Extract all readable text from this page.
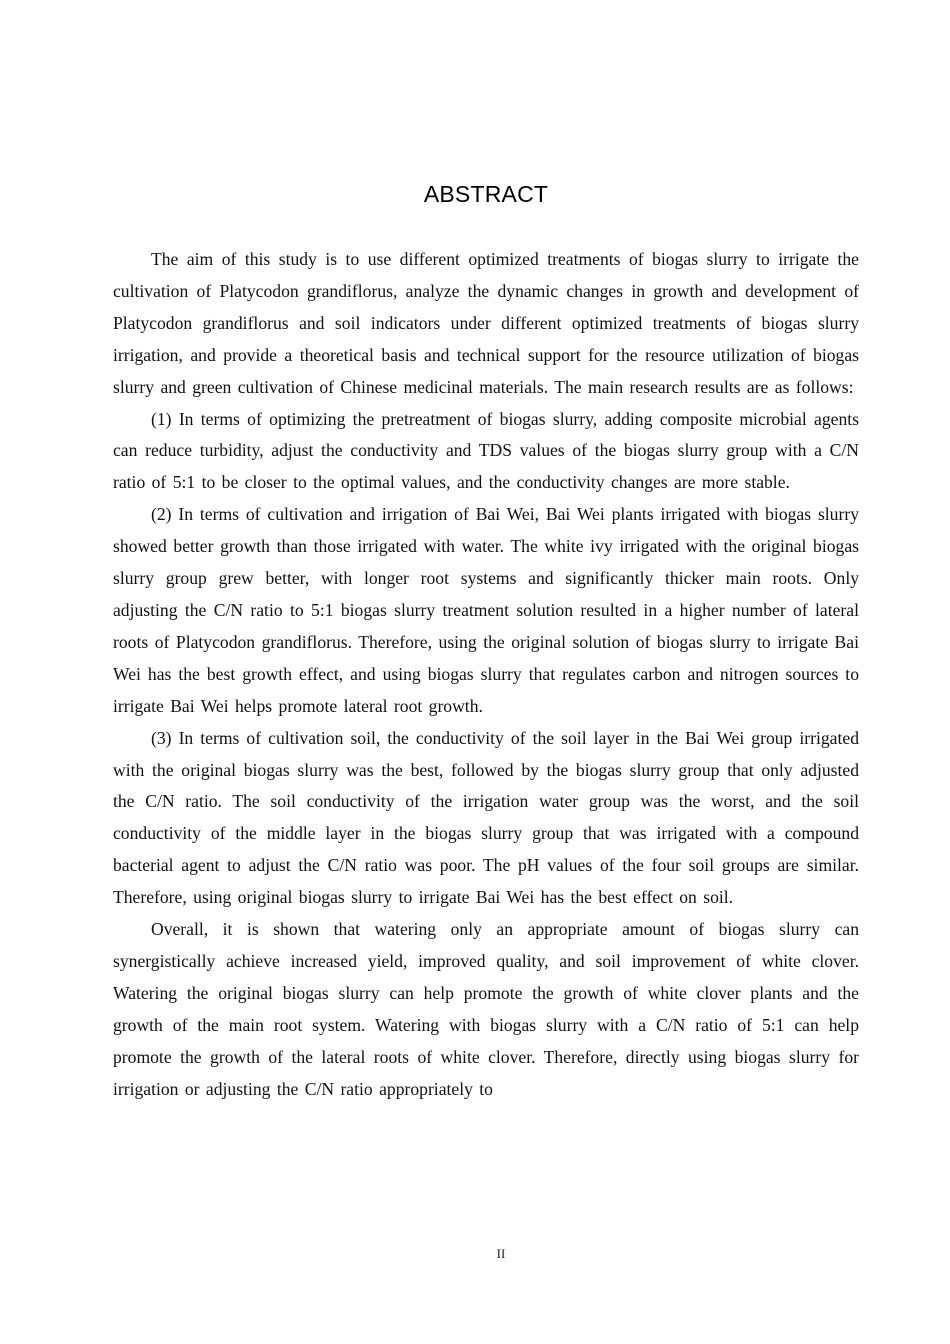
ABSTRACT

The aim of this study is to use different optimized treatments of biogas slurry to irrigate the cultivation of Platycodon grandiflorus, analyze the dynamic changes in growth and development of Platycodon grandiflorus and soil indicators under different optimized treatments of biogas slurry irrigation, and provide a theoretical basis and technical support for the resource utilization of biogas slurry and green cultivation of Chinese medicinal materials. The main research results are as follows:

(1) In terms of optimizing the pretreatment of biogas slurry, adding composite microbial agents can reduce turbidity, adjust the conductivity and TDS values of the biogas slurry group with a C/N ratio of 5:1 to be closer to the optimal values, and the conductivity changes are more stable.

(2) In terms of cultivation and irrigation of Bai Wei, Bai Wei plants irrigated with biogas slurry showed better growth than those irrigated with water. The white ivy irrigated with the original biogas slurry group grew better, with longer root systems and significantly thicker main roots. Only adjusting the C/N ratio to 5:1 biogas slurry treatment solution resulted in a higher number of lateral roots of Platycodon grandiflorus. Therefore, using the original solution of biogas slurry to irrigate Bai Wei has the best growth effect, and using biogas slurry that regulates carbon and nitrogen sources to irrigate Bai Wei helps promote lateral root growth.

(3) In terms of cultivation soil, the conductivity of the soil layer in the Bai Wei group irrigated with the original biogas slurry was the best, followed by the biogas slurry group that only adjusted the C/N ratio. The soil conductivity of the irrigation water group was the worst, and the soil conductivity of the middle layer in the biogas slurry group that was irrigated with a compound bacterial agent to adjust the C/N ratio was poor. The pH values of the four soil groups are similar. Therefore, using original biogas slurry to irrigate Bai Wei has the best effect on soil.

Overall, it is shown that watering only an appropriate amount of biogas slurry can synergistically achieve increased yield, improved quality, and soil improvement of white clover. Watering the original biogas slurry can help promote the growth of white clover plants and the growth of the main root system. Watering with biogas slurry with a C/N ratio of 5:1 can help promote the growth of the lateral roots of white clover. Therefore, directly using biogas slurry for irrigation or adjusting the C/N ratio appropriately to

II
